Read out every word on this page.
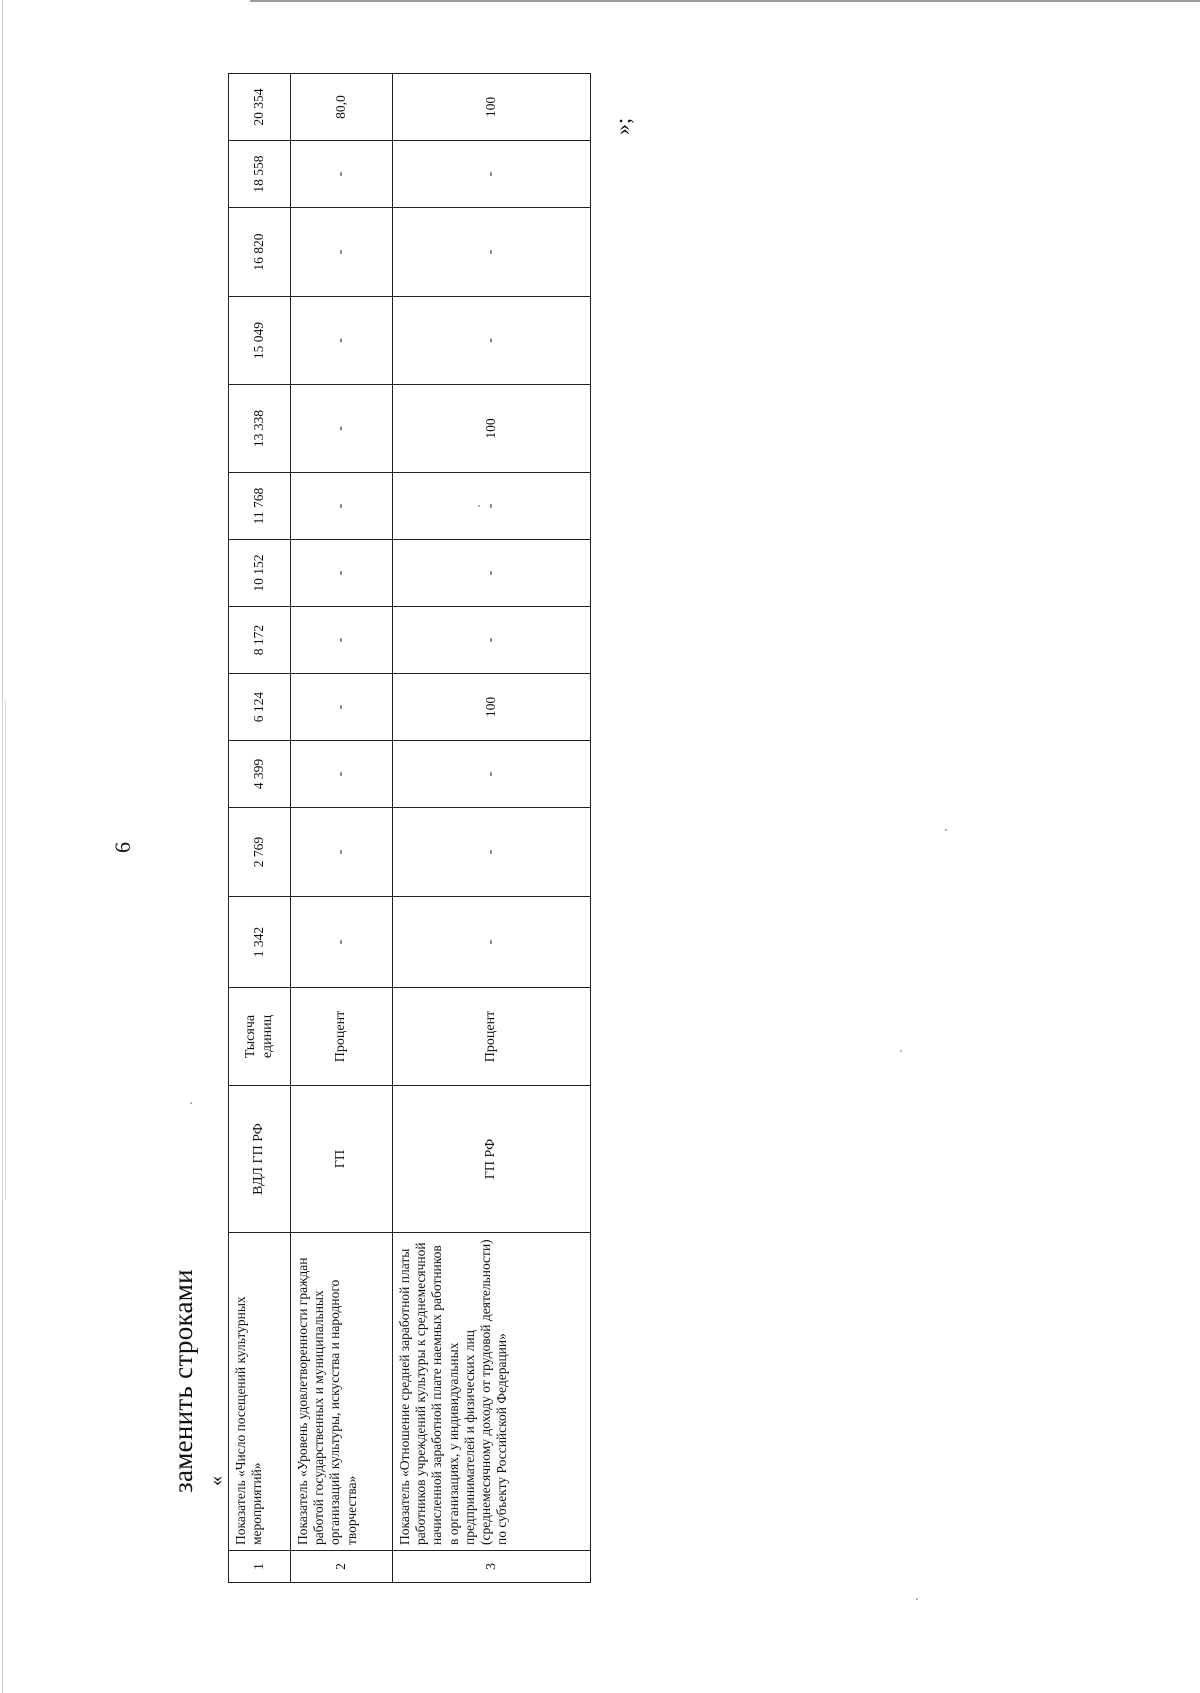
6
заменить строками «
1	Показатель «Число посещений культурных мероприятий»	ВДЛ ГП РФ	Тысяча единиц	1 342	2 769	4 399	6 124	8 172	10 152	11 768	13 338	15 049	16 820	18 558	20 354
2	Показатель «Уровень удовлетворенности граждан работой государственных и муниципальных организаций культуры, искусства и народного творчества»	ГП	Процент	-	-	-	-	-	-	-	-	-	-	-	80,0
3	Показатель «Отношение средней заработной платы работников учреждений культуры к среднемесячной начисленной заработной плате наемных работников в организациях, у индивидуальных предпринимателей и физических лиц (среднемесячному доходу от трудовой деятельности) по субъекту Российской Федерации»	ГП РФ	Процент	-	-	-	100	-	-	-	100	-	-	-	100
»;
